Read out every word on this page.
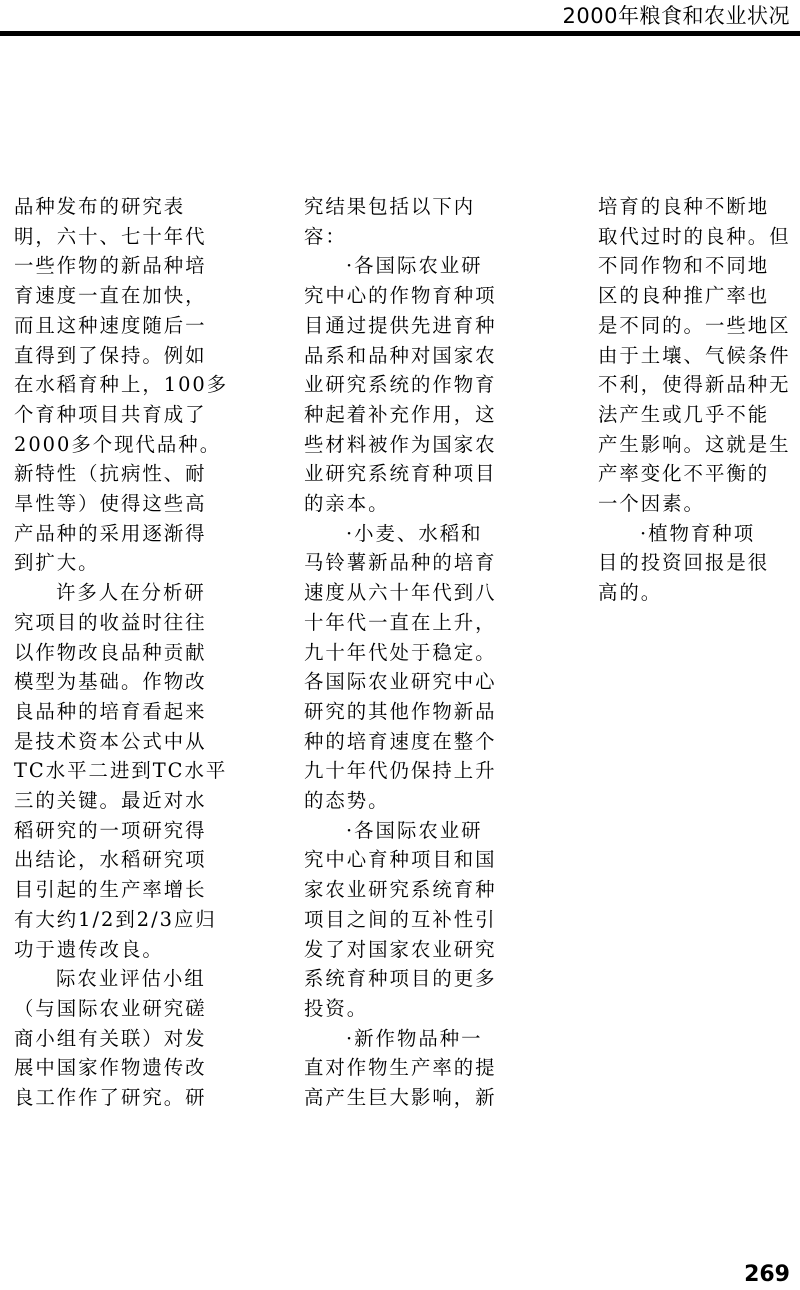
2000年粮食和农业状况

品种发布的研究表
明，六十、七十年代
一些作物的新品种培
育速度一直在加快，
而且这种速度随后一
直得到了保持。例如
在水稻育种上，100多
个育种项目共育成了
2000多个现代品种。
新特性（抗病性、耐
旱性等）使得这些高
产品种的采用逐渐得
到扩大。

许多人在分析研
究项目的收益时往往
以作物改良品种贡献
模型为基础。作物改
良品种的培育看起来
是技术资本公式中从
TC水平二进到TC水平
三的关键。最近对水
稻研究的一项研究得
出结论，水稻研究项
目引起的生产率增长
有大约1/2到2/3应归
功于遗传改良。

际农业评估小组
（与国际农业研究磋
商小组有关联）对发
展中国家作物遗传改
良工作作了研究。研

究结果包括以下内
容：

·各国际农业研
究中心的作物育种项
目通过提供先进育种
品系和品种对国家农
业研究系统的作物育
种起着补充作用，这
些材料被作为国家农
业研究系统育种项目
的亲本。

·小麦、水稻和
马铃薯新品种的培育
速度从六十年代到八
十年代一直在上升，
九十年代处于稳定。
各国际农业研究中心
研究的其他作物新品
种的培育速度在整个
九十年代仍保持上升
的态势。

·各国际农业研
究中心育种项目和国
家农业研究系统育种
项目之间的互补性引
发了对国家农业研究
系统育种项目的更多
投资。

·新作物品种一
直对作物生产率的提
高产生巨大影响，新

培育的良种不断地
取代过时的良种。但
不同作物和不同地
区的良种推广率也
是不同的。一些地区
由于土壤、气候条件
不利，使得新品种无
法产生或几乎不能
产生影响。这就是生
产率变化不平衡的
一个因素。

·植物育种项
目的投资回报是很
高的。

269
